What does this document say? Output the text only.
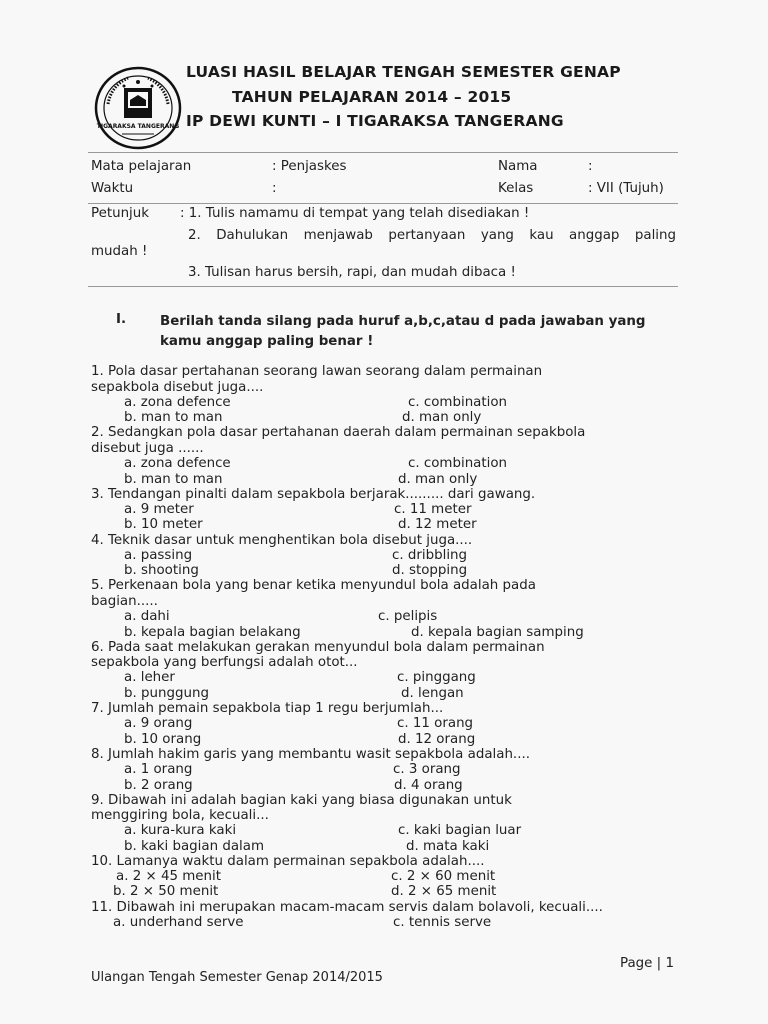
TIGARAKSA TANGERANG
LUASI HASIL BELAJAR TENGAH SEMESTER GENAP
TAHUN PELAJARAN 2014 – 2015
IP DEWI KUNTI – I TIGARAKSA TANGERANG
Mata pelajaran	: Penjaskes	Nama	:
Waktu	:	Kelas	: VII (Tujuh)
Petunjuk : 1. Tulis namamu di tempat yang telah disediakan !
2. Dahulukan menjawab pertanyaan yang kau anggap paling
mudah !
3. Tulisan harus bersih, rapi, dan mudah dibaca !
I.	Berilah tanda silang pada huruf a,b,c,atau d pada jawaban yang kamu anggap paling benar !
1. Pola dasar pertahanan seorang lawan seorang dalam permainan
sepakbola disebut juga....
a. zona defence	c. combination
b. man to man	d. man only
2. Sedangkan pola dasar pertahanan daerah dalam permainan sepakbola
disebut juga ......
a. zona defence	c. combination
b. man to man	d. man only
3. Tendangan pinalti dalam sepakbola berjarak......... dari gawang.
a. 9 meter	c. 11 meter
b. 10 meter	d. 12 meter
4. Teknik dasar untuk menghentikan bola disebut juga....
a. passing	c. dribbling
b. shooting	d. stopping
5. Perkenaan bola yang benar ketika menyundul bola adalah pada
bagian.....
a. dahi	c. pelipis
b. kepala bagian belakang	d. kepala bagian samping
6. Pada saat melakukan gerakan menyundul bola dalam permainan
sepakbola yang berfungsi adalah otot...
a. leher	c. pinggang
b. punggung	d. lengan
7. Jumlah pemain sepakbola tiap 1 regu berjumlah...
a. 9 orang	c. 11 orang
b. 10 orang	d. 12 orang
8. Jumlah hakim garis yang membantu wasit sepakbola adalah....
a. 1 orang	c. 3 orang
b. 2 orang	d. 4 orang
9. Dibawah ini adalah bagian kaki yang biasa digunakan untuk
menggiring bola, kecuali...
a. kura-kura kaki	c. kaki bagian luar
b. kaki bagian dalam	d. mata kaki
10. Lamanya waktu dalam permainan sepakbola adalah....
a. 2 × 45 menit	c. 2 × 60 menit
b. 2 × 50 menit	d. 2 × 65 menit
11. Dibawah ini merupakan macam-macam servis dalam bolavoli, kecuali....
a. underhand serve	c. tennis serve
Page | 1
Ulangan Tengah Semester Genap 2014/2015
